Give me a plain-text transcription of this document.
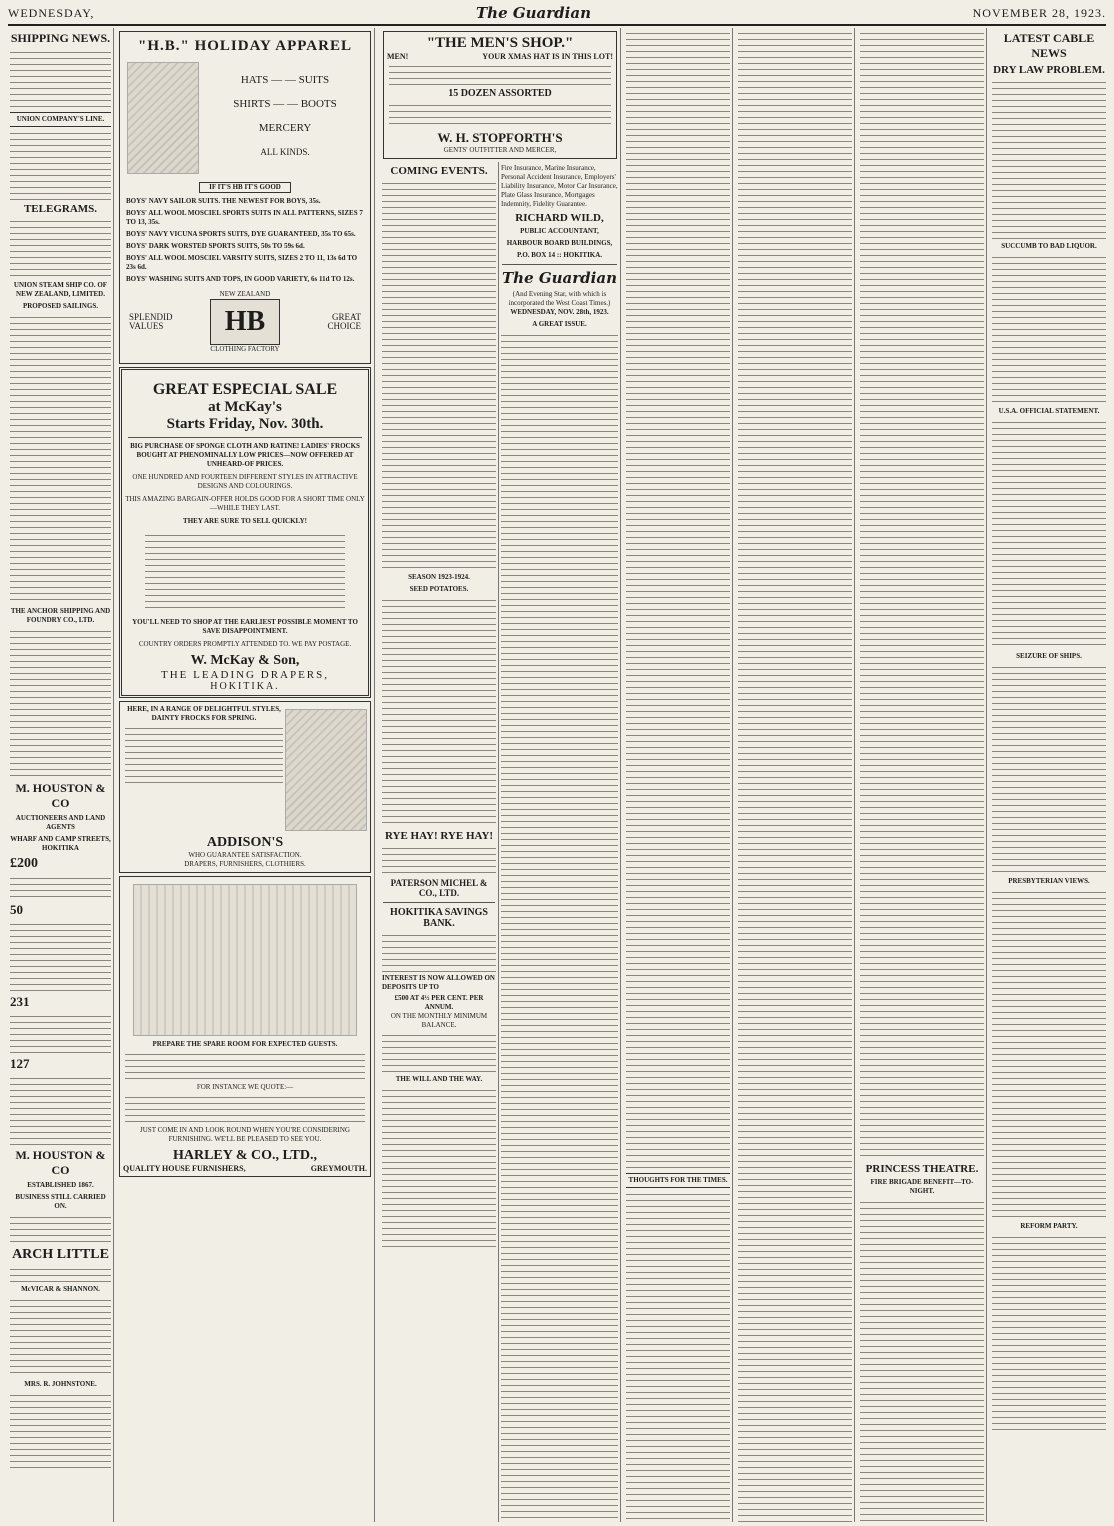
WEDNESDAY,	The Guardian	NOVEMBER 28, 1923.
SHIPPING NEWS.
UNION COMPANY'S LINE.
TELEGRAMS.
UNION STEAM SHIP CO. OF NEW ZEALAND, LIMITED.
PROPOSED SAILINGS.
THE ANCHOR SHIPPING AND FOUNDRY CO., LTD.
M. HOUSTON & CO
AUCTIONEERS AND LAND AGENTS
WHARF AND CAMP STREETS, HOKITIKA
£200
50
231
127
M. HOUSTON & CO
ESTABLISHED 1867.
BUSINESS STILL CARRIED ON.
ARCH LITTLE
McVICAR & SHANNON.
MRS. R. JOHNSTONE.
"H.B." HOLIDAY APPAREL
HATS — — SUITS
SHIRTS — — BOOTS
MERCERY
ALL KINDS.
IF IT'S HB IT'S GOOD
BOYS' NAVY SAILOR SUITS. THE NEWEST FOR BOYS, 35s.
BOYS' ALL WOOL MOSCIEL SPORTS SUITS IN ALL PATTERNS, SIZES 7 TO 13, 35s.
BOYS' NAVY VICUNA SPORTS SUITS, DYE GUARANTEED, 35s TO 65s.
BOYS' DARK WORSTED SPORTS SUITS, 50s TO 59s 6d.
BOYS' ALL WOOL MOSCIEL VARSITY SUITS, SIZES 2 TO 11, 13s 6d TO 23s 6d.
BOYS' WASHING SUITS AND TOPS, IN GOOD VARIETY, 6s 11d TO 12s.
SPLENDID VALUES
NEW ZEALAND
HB
CLOTHING FACTORY
GREAT CHOICE
GREAT ESPECIAL SALE
at McKay's
Starts Friday, Nov. 30th.
BIG PURCHASE OF SPONGE CLOTH AND RATINE! LADIES' FROCKS BOUGHT AT PHENOMINALLY LOW PRICES—NOW OFFERED AT UNHEARD-OF PRICES.
ONE HUNDRED AND FOURTEEN DIFFERENT STYLES IN ATTRACTIVE DESIGNS AND COLOURINGS.
THIS AMAZING BARGAIN-OFFER HOLDS GOOD FOR A SHORT TIME ONLY—WHILE THEY LAST.
THEY ARE SURE TO SELL QUICKLY!
YOU'LL NEED TO SHOP AT THE EARLIEST POSSIBLE MOMENT TO SAVE DISAPPOINTMENT.
COUNTRY ORDERS PROMPTLY ATTENDED TO. WE PAY POSTAGE.
W. McKay & Son,
THE LEADING DRAPERS,
HOKITIKA.
HERE, IN A RANGE OF DELIGHTFUL STYLES, DAINTY FROCKS FOR SPRING.
ADDISON'S
WHO GUARANTEE SATISFACTION.
DRAPERS, FURNISHERS, CLOTHIERS.
PREPARE THE SPARE ROOM FOR EXPECTED GUESTS.
FOR INSTANCE WE QUOTE:—
JUST COME IN AND LOOK ROUND WHEN YOU'RE CONSIDERING FURNISHING. WE'LL BE PLEASED TO SEE YOU.
HARLEY & CO., LTD.,
QUALITY HOUSE FURNISHERS,	GREYMOUTH.
"THE MEN'S SHOP."
MEN!	YOUR XMAS HAT IS IN THIS LOT!
15 DOZEN ASSORTED
W. H. STOPFORTH'S
GENTS' OUTFITTER AND MERCER,
COMING EVENTS.
SEASON 1923-1924.
SEED POTATOES.
RYE HAY! RYE HAY!
PATERSON MICHEL & CO., LTD.
HOKITIKA SAVINGS BANK.
INTEREST IS NOW ALLOWED ON DEPOSITS UP TO
£500 AT 4½ PER CENT. PER ANNUM.
ON THE MONTHLY MINIMUM BALANCE.
THE WILL AND THE WAY.
Fire Insurance, Marine Insurance, Personal Accident Insurance, Employers' Liability Insurance, Motor Car Insurance, Plate Glass Insurance, Mortgages Indemnity, Fidelity Guarantee.
RICHARD WILD,
PUBLIC ACCOUNTANT,
HARBOUR BOARD BUILDINGS,
P.O. BOX 14 :: HOKITIKA.
The Guardian
(And Evening Star, with which is incorporated the West Coast Times.)
WEDNESDAY, NOV. 28th, 1923.
A GREAT ISSUE.
THOUGHTS FOR THE TIMES.
PRINCESS THEATRE.
FIRE BRIGADE BENEFIT—TO-NIGHT.
LATEST CABLE NEWS
DRY LAW PROBLEM.
SUCCUMB TO BAD LIQUOR.
U.S.A. OFFICIAL STATEMENT.
SEIZURE OF SHIPS.
PRESBYTERIAN VIEWS.
REFORM PARTY.
